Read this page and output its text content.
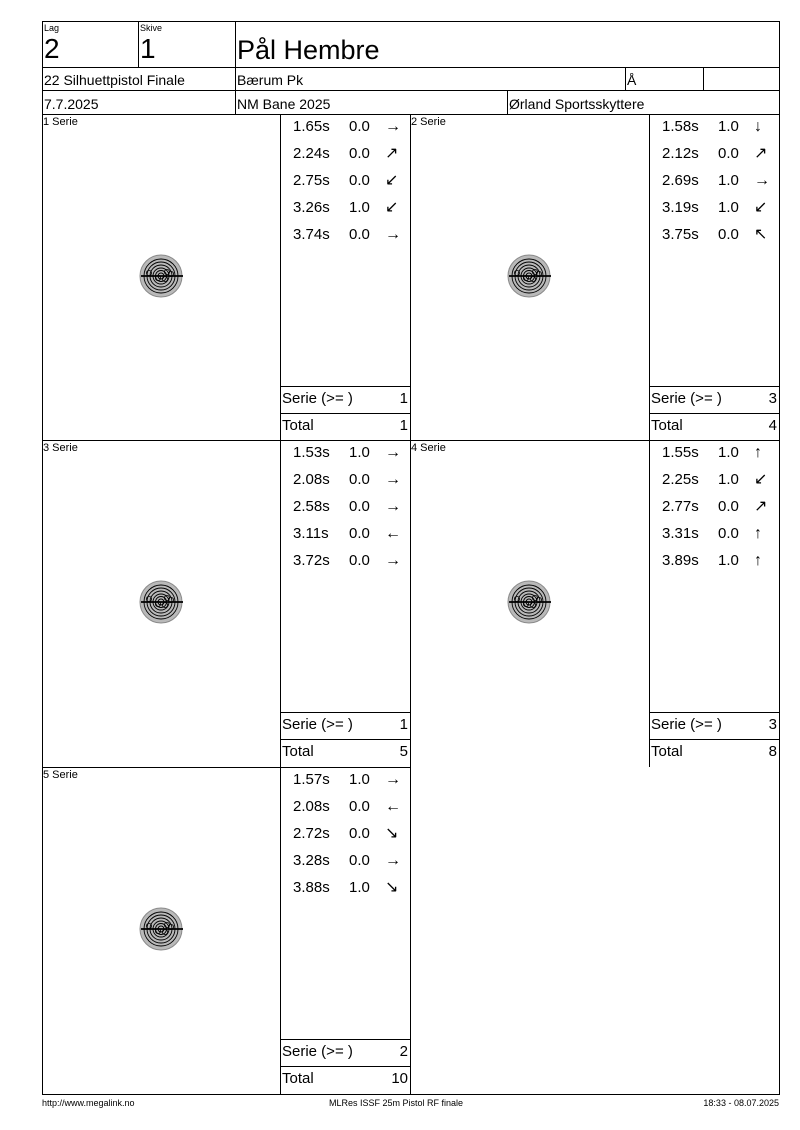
Lag
2
Skive
1	Pål Hembre
22 Silhuettpistol Finale	Bærum Pk	Å
7.7.2025	NM Bane 2025	Ørland Sportsskyttere
1 Serie	1.65s 0.0 →
2.24s 0.0 ↗
2.75s 0.0 ↙
3.26s 1.0 ↙
3.74s 0.0 →
Serie (>= )	1
Total	1
2 Serie	1.58s 1.0 ↓
2.12s 0.0 ↗
2.69s 1.0 →
3.19s 1.0 ↙
3.75s 0.0 ↖
Serie (>= )	3
Total	4
3 Serie	1.53s 1.0 →
2.08s 0.0 →
2.58s 0.0 →
3.11s 0.0 ←
3.72s 0.0 →
Serie (>= )	1
Total	5
4 Serie	1.55s 1.0 ↑
2.25s 1.0 ↙
2.77s 0.0 ↗
3.31s 0.0 ↑
3.89s 1.0 ↑
Serie (>= )	3
Total	8
5 Serie	1.57s 1.0 →
2.08s 0.0 ←
2.72s 0.0 ↘
3.28s 0.0 →
3.88s 1.0 ↘
Serie (>= )	2
Total	10
http://www.megalink.no	MLRes ISSF 25m Pistol RF finale	18:33 - 08.07.2025
